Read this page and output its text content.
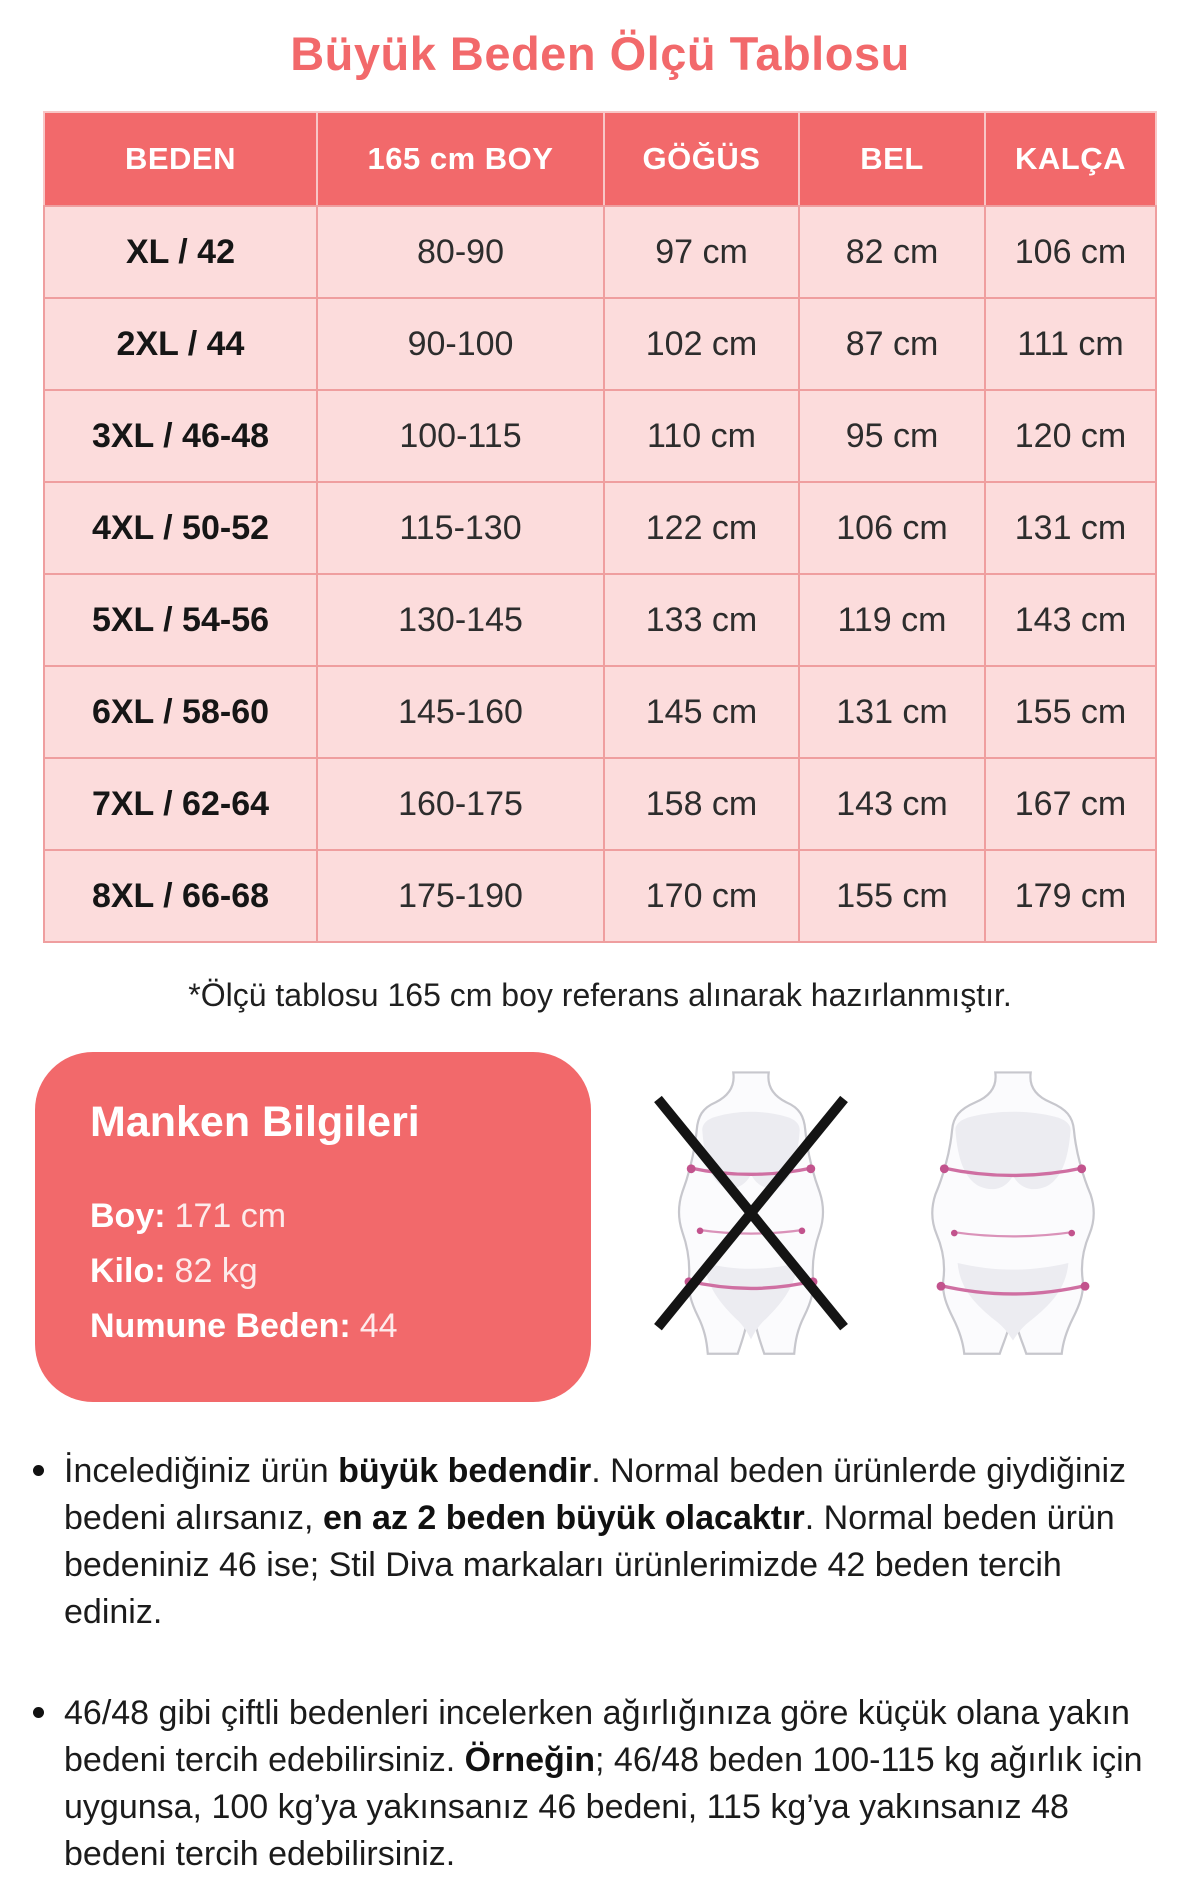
Büyük Beden Ölçü Tablosu
BEDEN	165 cm BOY	GÖĞÜS	BEL	KALÇA
XL / 42	80-90	97 cm	82 cm	106 cm
2XL / 44	90-100	102 cm	87 cm	111 cm
3XL / 46-48	100-115	110 cm	95 cm	120 cm
4XL / 50-52	115-130	122 cm	106 cm	131 cm
5XL / 54-56	130-145	133 cm	119 cm	143 cm
6XL / 58-60	145-160	145 cm	131 cm	155 cm
7XL / 62-64	160-175	158 cm	143 cm	167 cm
8XL / 66-68	175-190	170 cm	155 cm	179 cm
*Ölçü tablosu 165 cm boy referans alınarak hazırlanmıştır.
Manken Bilgileri
Boy: 171 cm
Kilo: 82 kg
Numune Beden: 44

İncelediğiniz ürün büyük bedendir. Normal beden ürünlerde giydiğiniz bedeni alırsanız, en az 2 beden büyük olacaktır. Normal beden ürün bedeniniz 46 ise; Stil Diva markaları ürünlerimizde 42 beden tercih ediniz.

46/48 gibi çiftli bedenleri incelerken ağırlığınıza göre küçük olana yakın bedeni tercih edebilirsiniz. Örneğin; 46/48 beden 100-115 kg ağırlık için uygunsa, 100 kg’ya yakınsanız 46 bedeni, 115 kg’ya yakınsanız 48 bedeni tercih edebilirsiniz.
